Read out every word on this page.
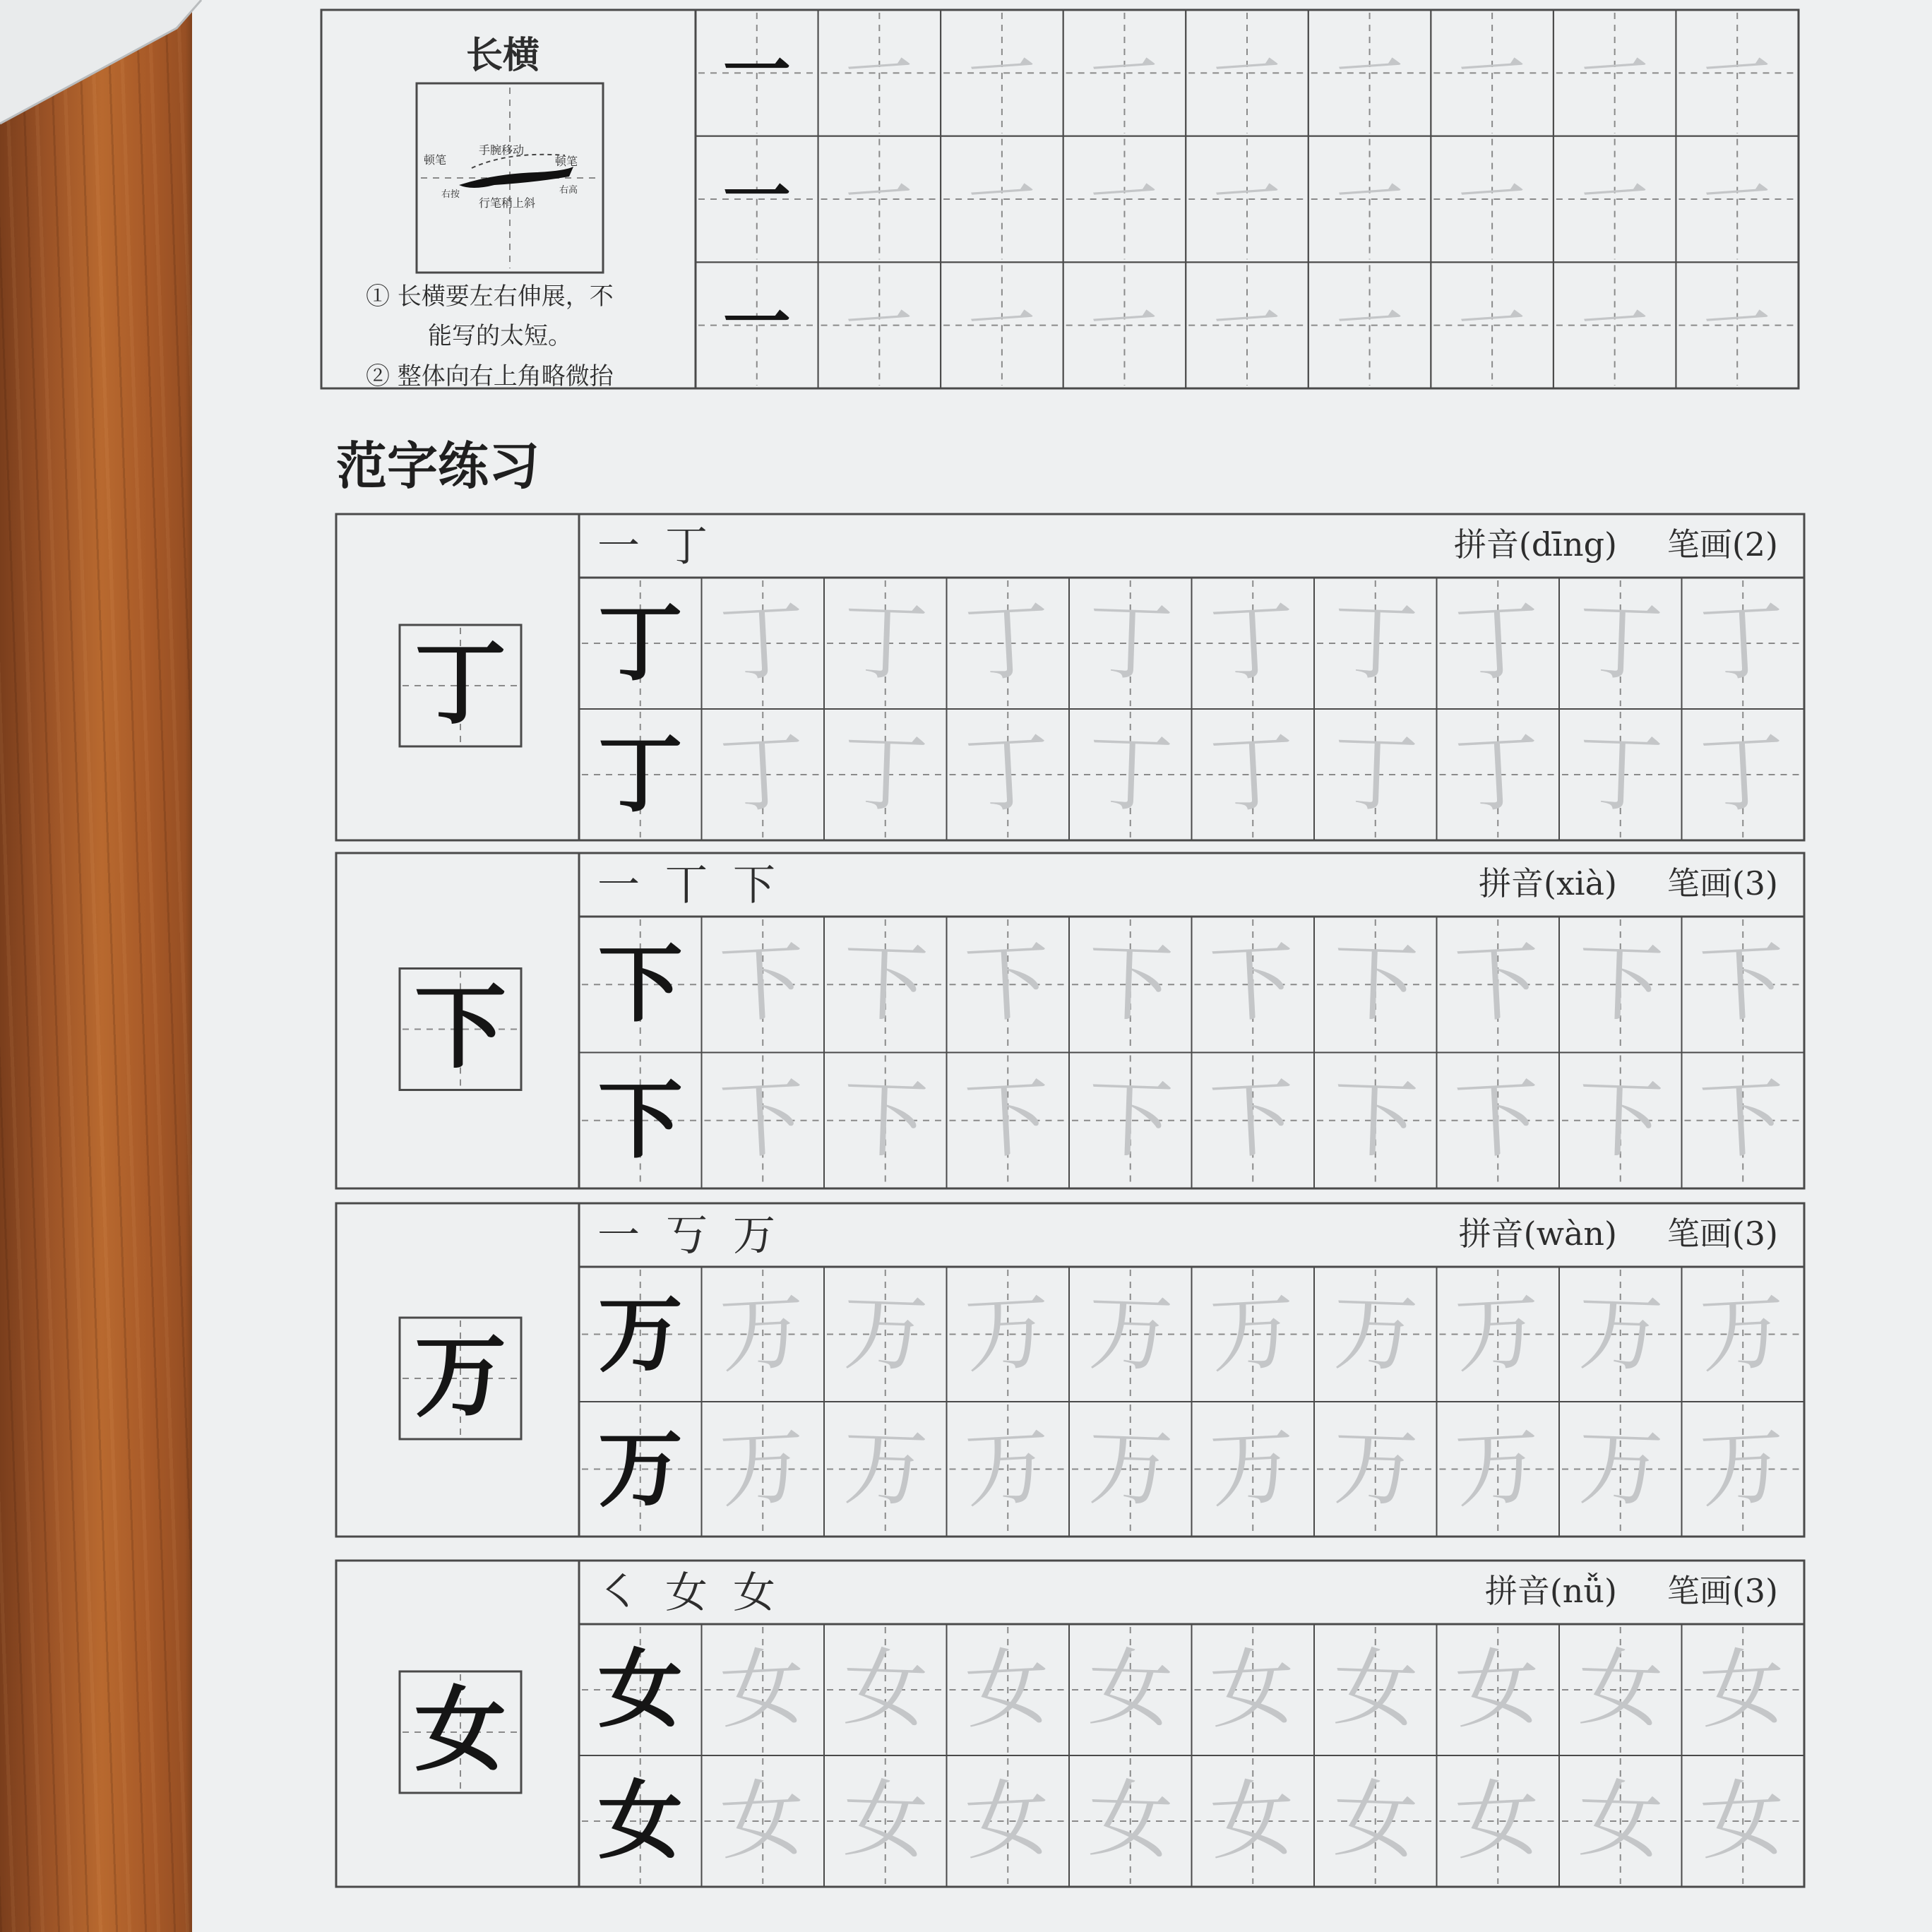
长横
手腕移动
顿笔	顿笔
右按	右高
行笔稍上斜
① 长横要左右伸展，不
能写的太短。
② 整体向右上角略微抬
范字练习
丁
一 丁	拼音(dīng) 笔画(2)
下
一 丅 下	拼音(xià) 笔画(3)
万
一 丂 万	拼音(wàn) 笔画(3)
女
㇛ 女 女	拼音(nǚ) 笔画(3)
一 一 一 一 一 一 一 一 一
一 一 一 一 一 一 一 一 一
一 一 一 一 一 一 一 一 一
丁 丁 丁 丁 丁 丁 丁 丁 丁 丁
丁 丁 丁 丁 丁 丁 丁 丁 丁 丁
下 下 下 下 下 下 下 下 下 下
下 下 下 下 下 下 下 下 下 下
万 万 万 万 万 万 万 万 万 万
万 万 万 万 万 万 万 万 万 万
女 女 女 女 女 女 女 女 女 女
女 女 女 女 女 女 女 女 女 女
